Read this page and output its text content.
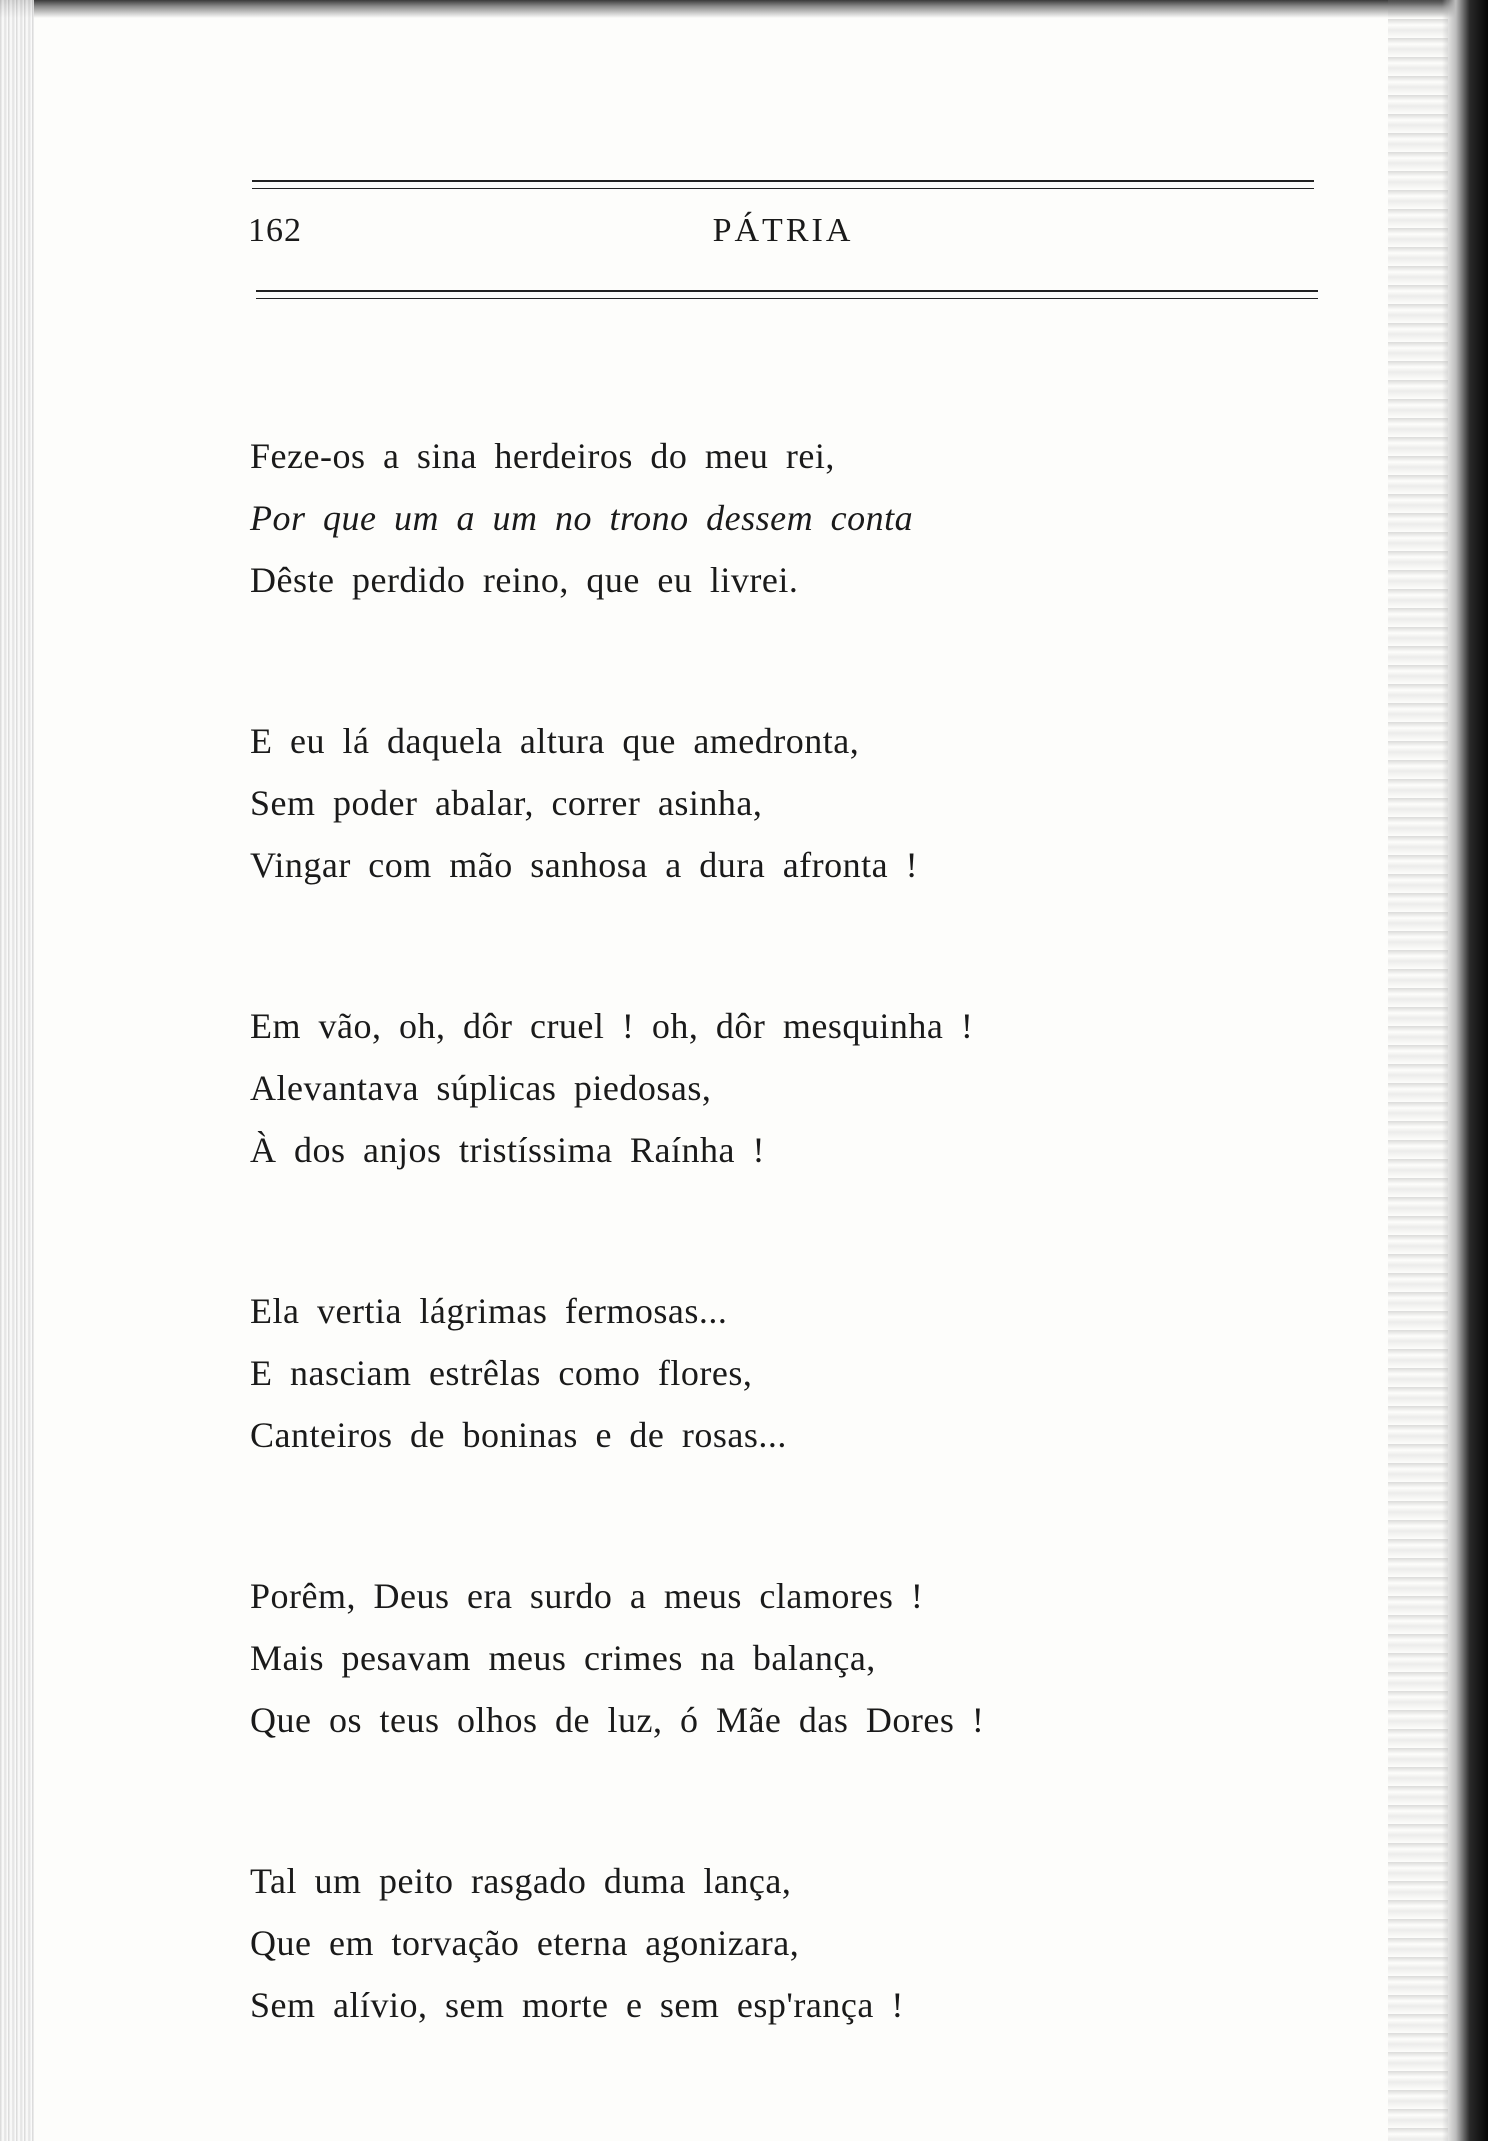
162	PÁTRIA
Feze-os a sina herdeiros do meu rei,
Por que um a um no trono dessem conta
Dêste perdido reino, que eu livrei.
E eu lá daquela altura que amedronta,
Sem poder abalar, correr asinha,
Vingar com mão sanhosa a dura afronta !
Em vão, oh, dôr cruel ! oh, dôr mesquinha !
Alevantava súplicas piedosas,
À dos anjos tristíssima Raínha !
Ela vertia lágrimas fermosas...
E nasciam estrêlas como flores,
Canteiros de boninas e de rosas...
Porêm, Deus era surdo a meus clamores !
Mais pesavam meus crimes na balança,
Que os teus olhos de luz, ó Mãe das Dores !
Tal um peito rasgado duma lança,
Que em torvação eterna agonizara,
Sem alívio, sem morte e sem esp'rança !
